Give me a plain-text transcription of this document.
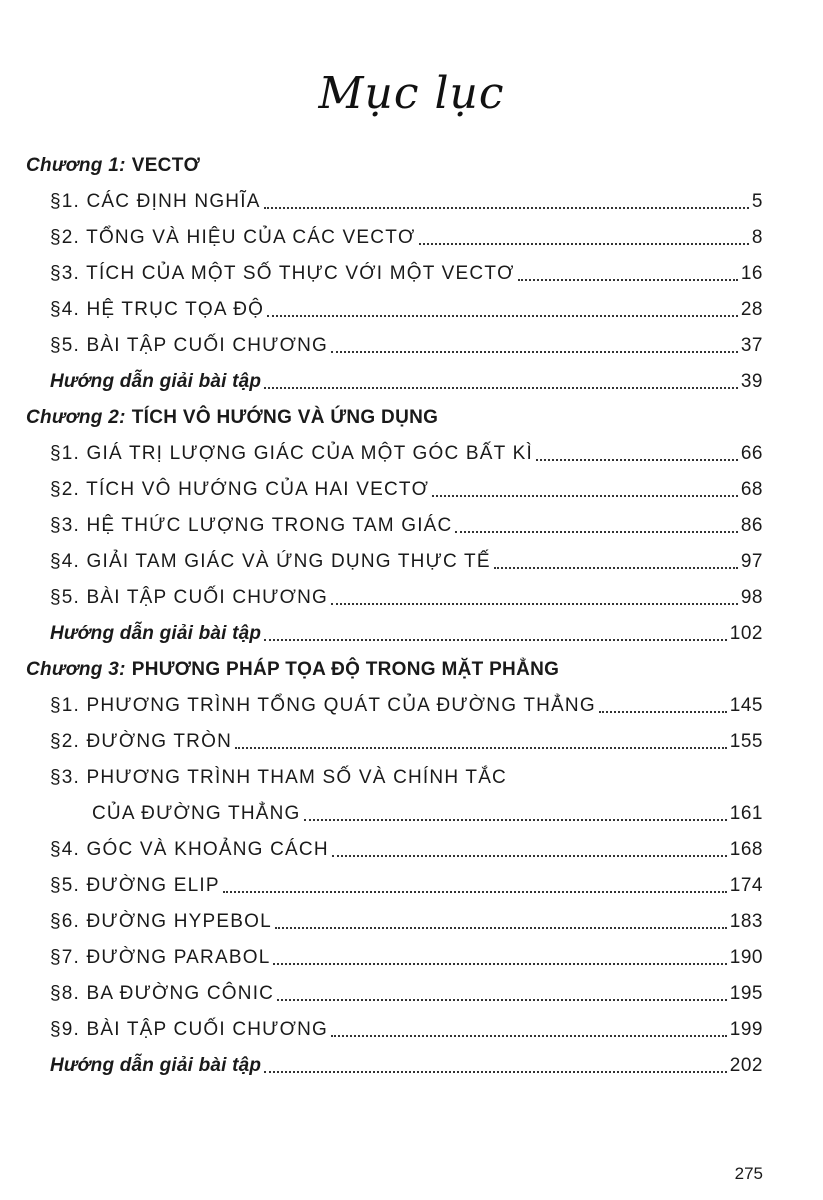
Mục lục
Chương 1: VECTƠ
§1. CÁC ĐỊNH NGHĨA	5
§2. TỔNG VÀ HIỆU CỦA CÁC VECTƠ	8
§3. TÍCH CỦA MỘT SỐ THỰC VỚI MỘT VECTƠ	16
§4. HỆ TRỤC TỌA ĐỘ	28
§5. BÀI TẬP CUỐI CHƯƠNG	37
Hướng dẫn giải bài tập	39
Chương 2: TÍCH VÔ HƯỚNG VÀ ỨNG DỤNG
§1. GIÁ TRỊ LƯỢNG GIÁC CỦA MỘT GÓC BẤT KÌ	66
§2. TÍCH VÔ HƯỚNG CỦA HAI VECTƠ	68
§3. HỆ THỨC LƯỢNG TRONG TAM GIÁC	86
§4. GIẢI TAM GIÁC VÀ ỨNG DỤNG THỰC TẾ	97
§5. BÀI TẬP CUỐI CHƯƠNG	98
Hướng dẫn giải bài tập	102
Chương 3: PHƯƠNG PHÁP TỌA ĐỘ TRONG MẶT PHẲNG
§1. PHƯƠNG TRÌNH TỔNG QUÁT CỦA ĐƯỜNG THẲNG	145
§2. ĐƯỜNG TRÒN	155
§3. PHƯƠNG TRÌNH THAM SỐ VÀ CHÍNH TẮC
CỦA ĐƯỜNG THẲNG	161
§4. GÓC VÀ KHOẢNG CÁCH	168
§5. ĐƯỜNG ELIP	174
§6. ĐƯỜNG HYPEBOL	183
§7. ĐƯỜNG PARABOL	190
§8. BA ĐƯỜNG CÔNIC	195
§9. BÀI TẬP CUỐI CHƯƠNG	199
Hướng dẫn giải bài tập	202
275
